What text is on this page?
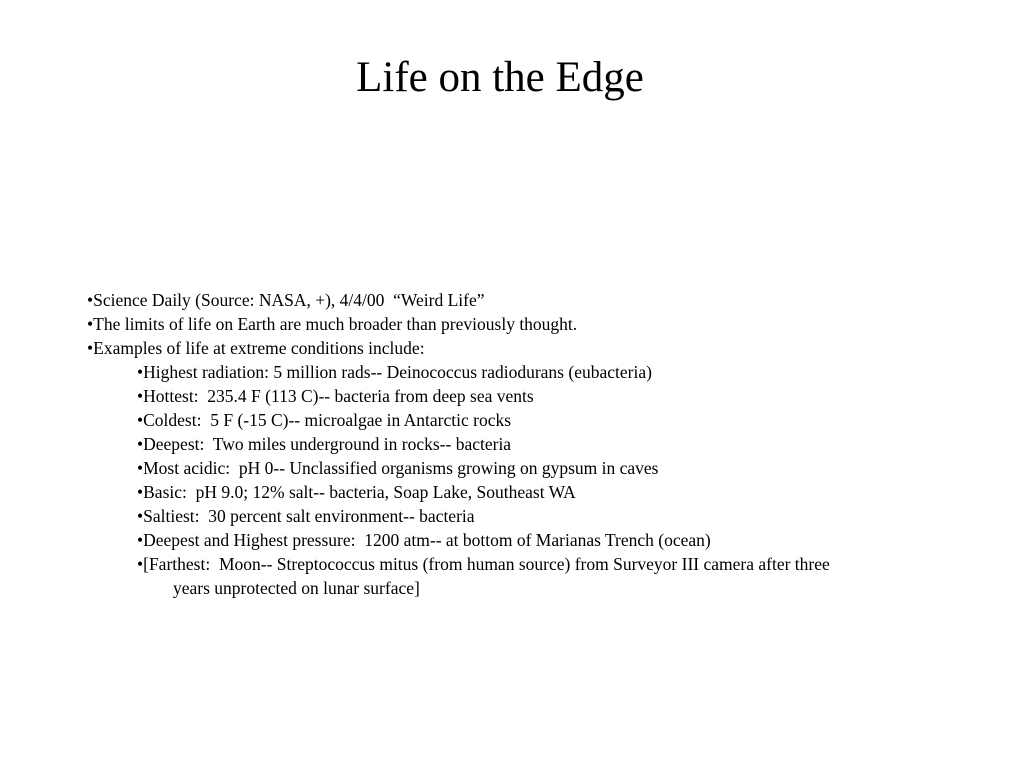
Life on the Edge
•Science Daily (Source: NASA, +), 4/4/00  “Weird Life”
•The limits of life on Earth are much broader than previously thought.
•Examples of life at extreme conditions include:
•Highest radiation: 5 million rads-- Deinococcus radiodurans (eubacteria)
•Hottest:  235.4 F (113 C)-- bacteria from deep sea vents
•Coldest:  5 F (-15 C)-- microalgae in Antarctic rocks
•Deepest:  Two miles underground in rocks-- bacteria
•Most acidic:  pH 0-- Unclassified organisms growing on gypsum in caves
•Basic:  pH 9.0; 12% salt-- bacteria, Soap Lake, Southeast WA
•Saltiest:  30 percent salt environment-- bacteria
•Deepest and Highest pressure:  1200 atm-- at bottom of Marianas Trench (ocean)
•[Farthest:  Moon-- Streptococcus mitus (from human source) from Surveyor III camera after three
years unprotected on lunar surface]
